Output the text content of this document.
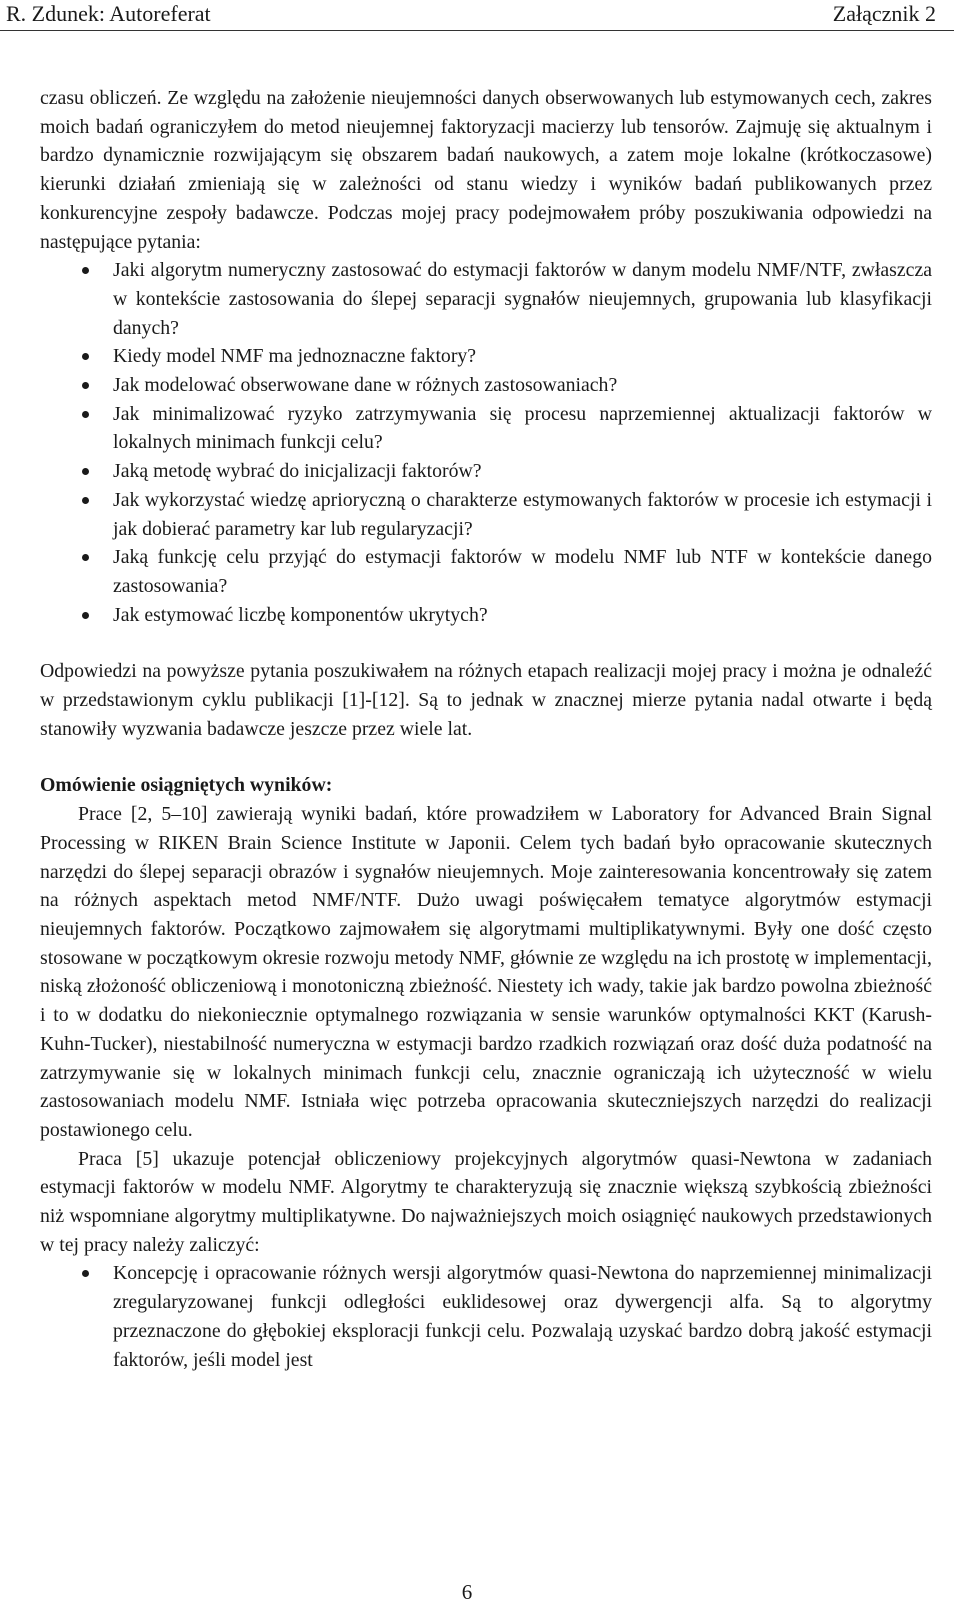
R. Zdunek: Autoreferat	Załącznik 2

czasu obliczeń. Ze względu na założenie nieujemności danych obserwowanych lub estymowanych cech, zakres moich badań ograniczyłem do metod nieujemnej faktoryzacji macierzy lub tensorów. Zajmuję się aktualnym i bardzo dynamicznie rozwijającym się obszarem badań naukowych, a zatem moje lokalne (krótkoczasowe) kierunki działań zmieniają się w zależności od stanu wiedzy i wyników badań publikowanych przez konkurencyjne zespoły badawcze. Podczas mojej pracy podejmowałem próby poszukiwania odpowiedzi na następujące pytania:

Jaki algorytm numeryczny zastosować do estymacji faktorów w danym modelu NMF/NTF, zwłaszcza w kontekście zastosowania do ślepej separacji sygnałów nieujemnych, grupowania lub klasyfikacji danych?
Kiedy model NMF ma jednoznaczne faktory?
Jak modelować obserwowane dane w różnych zastosowaniach?
Jak minimalizować ryzyko zatrzymywania się procesu naprzemiennej aktualizacji faktorów w lokalnych minimach funkcji celu?
Jaką metodę wybrać do inicjalizacji faktorów?
Jak wykorzystać wiedzę aprioryczną o charakterze estymowanych faktorów w procesie ich estymacji i jak dobierać parametry kar lub regularyzacji?
Jaką funkcję celu przyjąć do estymacji faktorów w modelu NMF lub NTF w kontekście danego zastosowania?
Jak estymować liczbę komponentów ukrytych?

Odpowiedzi na powyższe pytania poszukiwałem na różnych etapach realizacji mojej pracy i można je odnaleźć w przedstawionym cyklu publikacji [1]-[12]. Są to jednak w znacznej mierze pytania nadal otwarte i będą stanowiły wyzwania badawcze jeszcze przez wiele lat.

Omówienie osiągniętych wyników:

Prace [2, 5–10] zawierają wyniki badań, które prowadziłem w Laboratory for Advanced Brain Signal Processing w RIKEN Brain Science Institute w Japonii. Celem tych badań było opracowanie skutecznych narzędzi do ślepej separacji obrazów i sygnałów nieujemnych. Moje zainteresowania koncentrowały się zatem na różnych aspektach metod NMF/NTF. Dużo uwagi poświęcałem tematyce algorytmów estymacji nieujemnych faktorów. Początkowo zajmowałem się algorytmami multiplikatywnymi. Były one dość często stosowane w początkowym okresie rozwoju metody NMF, głównie ze względu na ich prostotę w implementacji, niską złożoność obliczeniową i monotoniczną zbieżność. Niestety ich wady, takie jak bardzo powolna zbieżność i to w dodatku do niekoniecznie optymalnego rozwiązania w sensie warunków optymalności KKT (Karush-Kuhn-Tucker), niestabilność numeryczna w estymacji bardzo rzadkich rozwiązań oraz dość duża podatność na zatrzymywanie się w lokalnych minimach funkcji celu, znacznie ograniczają ich użyteczność w wielu zastosowaniach modelu NMF. Istniała więc potrzeba opracowania skuteczniejszych narzędzi do realizacji postawionego celu.

Praca [5] ukazuje potencjał obliczeniowy projekcyjnych algorytmów quasi-Newtona w zadaniach estymacji faktorów w modelu NMF. Algorytmy te charakteryzują się znacznie większą szybkością zbieżności niż wspomniane algorytmy multiplikatywne. Do najważniejszych moich osiągnięć naukowych przedstawionych w tej pracy należy zaliczyć:

Koncepcję i opracowanie różnych wersji algorytmów quasi-Newtona do naprzemiennej minimalizacji zregularyzowanej funkcji odległości euklidesowej oraz dywergencji alfa. Są to algorytmy przeznaczone do głębokiej eksploracji funkcji celu. Pozwalają uzyskać bardzo dobrą jakość estymacji faktorów, jeśli model jest
6
